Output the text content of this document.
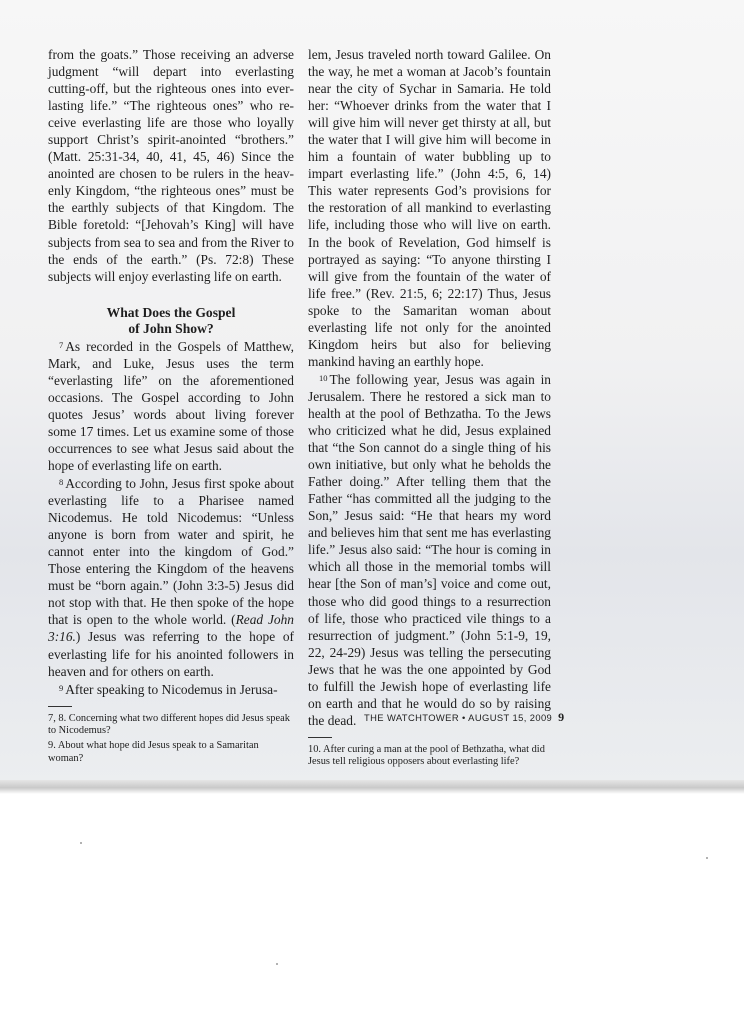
from the goats.” Those receiving an adverse judgment “will depart into everlasting cutting-off, but the righteous ones into everlasting life.” “The righteous ones” who receive everlasting life are those who loyally support Christ’s spirit-anointed “brothers.” (Matt. 25:31-34, 40, 41, 45, 46) Since the anointed are chosen to be rulers in the heavenly Kingdom, “the righteous ones” must be the earthly subjects of that Kingdom. The Bible foretold: “[Jehovah’s King] will have subjects from sea to sea and from the River to the ends of the earth.” (Ps. 72:8) These subjects will enjoy everlasting life on earth.

What Does the Gospel
of John Show?

$^7$ As recorded in the Gospels of Matthew, Mark, and Luke, Jesus uses the term “everlasting life” on the aforementioned occasions. The Gospel according to John quotes Jesus’ words about living forever some 17 times. Let us examine some of those occurrences to see what Jesus said about the hope of everlasting life on earth.

$^8$ According to John, Jesus first spoke about everlasting life to a Pharisee named Nicodemus. He told Nicodemus: “Unless anyone is born from water and spirit, he cannot enter into the kingdom of God.” Those entering the Kingdom of the heavens must be “born again.” (John 3:3-5) Jesus did not stop with that. He then spoke of the hope that is open to the whole world. (Read John 3:16.) Jesus was referring to the hope of everlasting life for his anointed followers in heaven and for others on earth.

$^9$ After speaking to Nicodemus in Jerusa-

7, 8. Concerning what two different hopes did Jesus speak to Nicodemus?

9. About what hope did Jesus speak to a Samaritan woman?

lem, Jesus traveled north toward Galilee. On the way, he met a woman at Jacob’s fountain near the city of Sychar in Samaria. He told her: “Whoever drinks from the water that I will give him will never get thirsty at all, but the water that I will give him will become in him a fountain of water bubbling up to impart everlasting life.” (John 4:5, 6, 14) This water represents God’s provisions for the restoration of all mankind to everlasting life, including those who will live on earth. In the book of Revelation, God himself is portrayed as saying: “To anyone thirsting I will give from the fountain of the water of life free.” (Rev. 21:5, 6; 22:17) Thus, Jesus spoke to the Samaritan woman about everlasting life not only for the anointed Kingdom heirs but also for believing mankind having an earthly hope.

$^{10}$ The following year, Jesus was again in Jerusalem. There he restored a sick man to health at the pool of Bethzatha. To the Jews who criticized what he did, Jesus explained that “the Son cannot do a single thing of his own initiative, but only what he beholds the Father doing.” After telling them that the Father “has committed all the judging to the Son,” Jesus said: “He that hears my word and believes him that sent me has everlasting life.” Jesus also said: “The hour is coming in which all those in the memorial tombs will hear [the Son of man’s] voice and come out, those who did good things to a resurrection of life, those who practiced vile things to a resurrection of judgment.” (John 5:1-9, 19, 22, 24-29) Jesus was telling the persecuting Jews that he was the one appointed by God to fulfill the Jewish hope of everlasting life on earth and that he would do so by raising the dead.

10. After curing a man at the pool of Bethzatha, what did Jesus tell religious opposers about everlasting life?

THE WATCHTOWER • AUGUST 15, 2009 9
